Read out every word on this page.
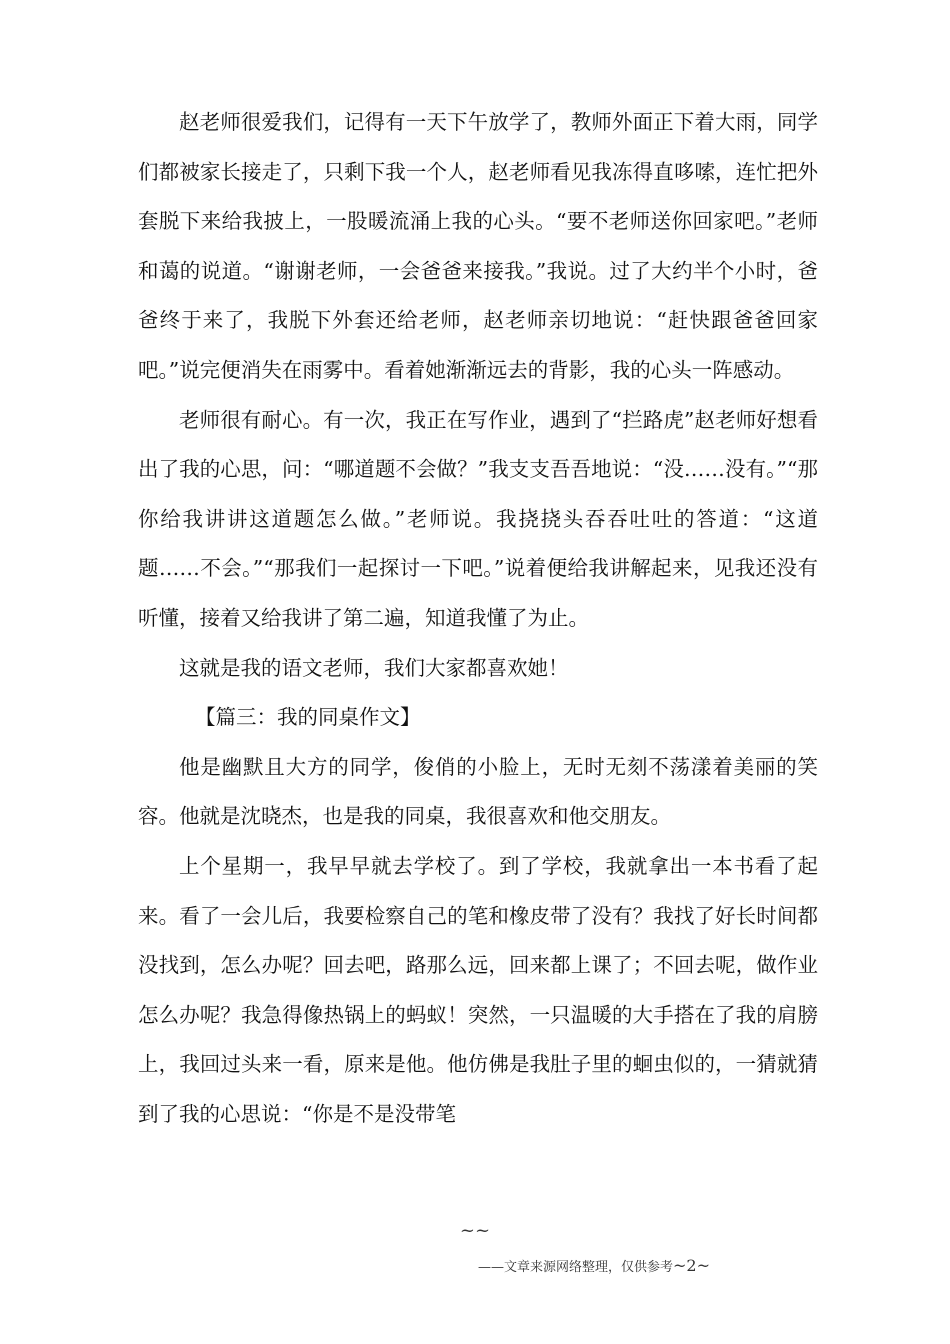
赵老师很爱我们，记得有一天下午放学了，教师外面正下着大雨，同学们都被家长接走了，只剩下我一个人，赵老师看见我冻得直哆嗦，连忙把外套脱下来给我披上，一股暖流涌上我的心头。“要不老师送你回家吧。”老师和蔼的说道。“谢谢老师，一会爸爸来接我。”我说。过了大约半个小时，爸爸终于来了，我脱下外套还给老师，赵老师亲切地说：“赶快跟爸爸回家吧。”说完便消失在雨雾中。看着她渐渐远去的背影，我的心头一阵感动。

老师很有耐心。有一次，我正在写作业，遇到了“拦路虎”赵老师好想看出了我的心思，问：“哪道题不会做？”我支支吾吾地说：“没……没有。”“那你给我讲讲这道题怎么做。”老师说。我挠挠头吞吞吐吐的答道：“这道题……不会。”“那我们一起探讨一下吧。”说着便给我讲解起来，见我还没有听懂，接着又给我讲了第二遍，知道我懂了为止。

这就是我的语文老师，我们大家都喜欢她！

【篇三：我的同桌作文】

他是幽默且大方的同学，俊俏的小脸上，无时无刻不荡漾着美丽的笑容。他就是沈晓杰，也是我的同桌，我很喜欢和他交朋友。

上个星期一，我早早就去学校了。到了学校，我就拿出一本书看了起来。看了一会儿后，我要检察自己的笔和橡皮带了没有？我找了好长时间都没找到，怎么办呢？回去吧，路那么远，回来都上课了；不回去呢，做作业怎么办呢？我急得像热锅上的蚂蚁！突然，一只温暖的大手搭在了我的肩膀上，我回过头来一看，原来是他。他仿佛是我肚子里的蛔虫似的，一猜就猜到了我的心思说：“你是不是没带笔

~~
——文章来源网络整理，仅供参考~2~
